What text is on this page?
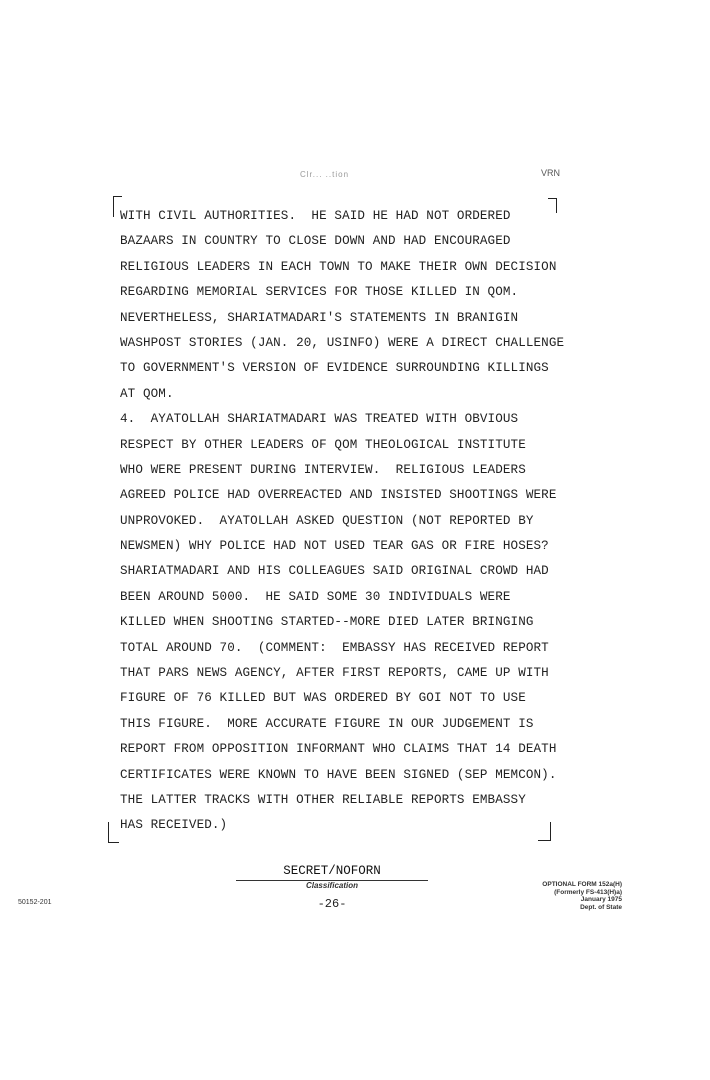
Clr... ..tion	VRN
WITH CIVIL AUTHORITIES.  HE SAID HE HAD NOT ORDERED
BAZAARS IN COUNTRY TO CLOSE DOWN AND HAD ENCOURAGED
RELIGIOUS LEADERS IN EACH TOWN TO MAKE THEIR OWN DECISION
REGARDING MEMORIAL SERVICES FOR THOSE KILLED IN QOM.
NEVERTHELESS, SHARIATMADARI'S STATEMENTS IN BRANIGIN
WASHPOST STORIES (JAN. 20, USINFO) WERE A DIRECT CHALLENGE
TO GOVERNMENT'S VERSION OF EVIDENCE SURROUNDING KILLINGS
AT QOM.
4.  AYATOLLAH SHARIATMADARI WAS TREATED WITH OBVIOUS
RESPECT BY OTHER LEADERS OF QOM THEOLOGICAL INSTITUTE
WHO WERE PRESENT DURING INTERVIEW.  RELIGIOUS LEADERS
AGREED POLICE HAD OVERREACTED AND INSISTED SHOOTINGS WERE
UNPROVOKED.  AYATOLLAH ASKED QUESTION (NOT REPORTED BY
NEWSMEN) WHY POLICE HAD NOT USED TEAR GAS OR FIRE HOSES?
SHARIATMADARI AND HIS COLLEAGUES SAID ORIGINAL CROWD HAD
BEEN AROUND 5000.  HE SAID SOME 30 INDIVIDUALS WERE
KILLED WHEN SHOOTING STARTED--MORE DIED LATER BRINGING
TOTAL AROUND 70.  (COMMENT:  EMBASSY HAS RECEIVED REPORT
THAT PARS NEWS AGENCY, AFTER FIRST REPORTS, CAME UP WITH
FIGURE OF 76 KILLED BUT WAS ORDERED BY GOI NOT TO USE
THIS FIGURE.  MORE ACCURATE FIGURE IN OUR JUDGEMENT IS
REPORT FROM OPPOSITION INFORMANT WHO CLAIMS THAT 14 DEATH
CERTIFICATES WERE KNOWN TO HAVE BEEN SIGNED (SEP MEMCON).
THE LATTER TRACKS WITH OTHER RELIABLE REPORTS EMBASSY
HAS RECEIVED.)
SECRET/NOFORN
Classification
-26-
50152-201
OPTIONAL FORM 152a(H)
(Formerly FS-413(H)a)
January 1975
Dept. of State
